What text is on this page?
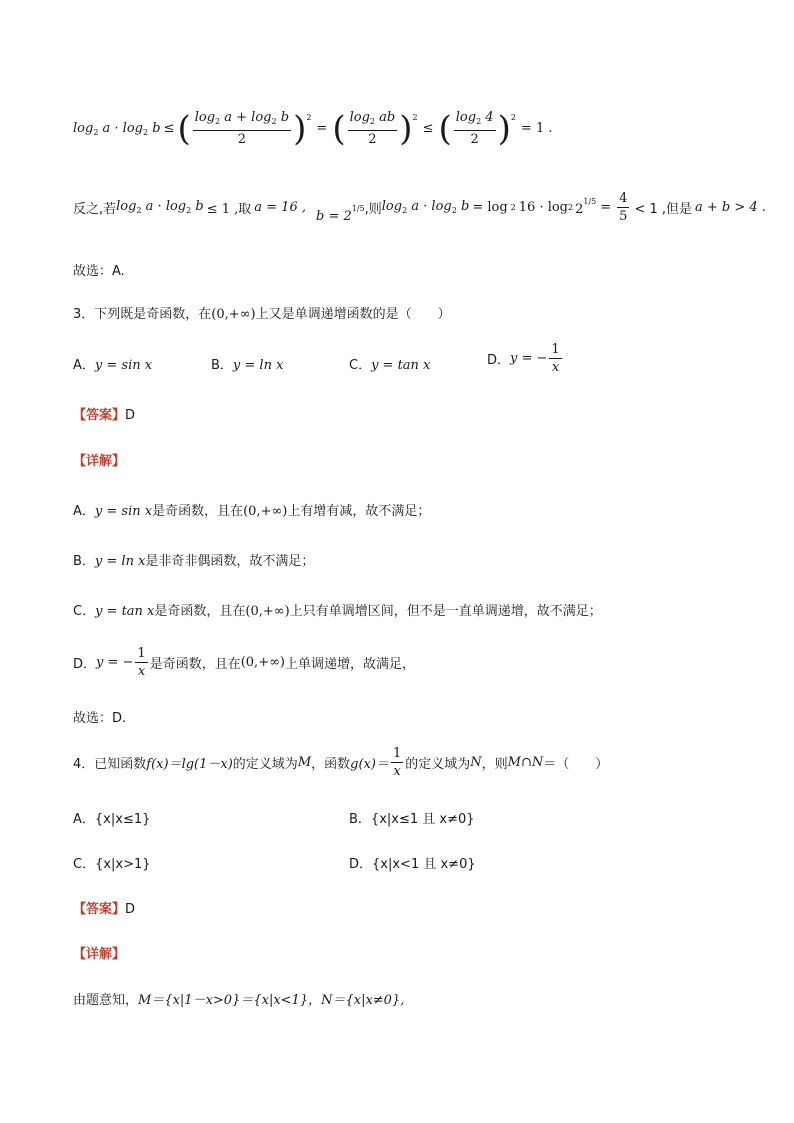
$\log_2 a \cdot \log_2 b$ ≤ ( $\frac{\log_2 a + \log_2 b}{2}$ ) 2
= ( $\frac{\log_2 ab}{2}$ ) 2
≤ ( $\frac{\log_2 4}{2}$ ) 2
= 1 .
反之,若 $\log_2 a \cdot \log_2 b \le 1$ ,取 a = 16 ,
$b = 2^{1/5}$ ,则 $\log_2 a \cdot \log_2 b = \log 2$ 16 · log 2 $2^{1/5} = \frac{4}{5} < 1$ ,但是 a + b > 4 .
故选：A.
3．下列既是奇函数，在(0,+∞)上又是单调递增函数的是（　　）
A．y = sin x	B．y = ln x	C．y = tan x	D． y = − $\frac{1}{x}$
【答案】D
【详解】
A．y = sin x是奇函数，且在(0,+∞)上有增有减，故不满足；
B．y = ln x是非奇非偶函数，故不满足；
C．y = tan x是奇函数，且在(0,+∞)上只有单调增区间，但不是一直单调递增，故不满足；
D． y = − $\frac{1}{x}$ 是奇函数，且在 (0,+∞) 上单调递增，故满足，
故选：D.
4．已知函数 f(x)＝lg(1－x) 的定义域为 M ，函数 $g(x)= \frac{1}{x}$ 的定义域为 N ，则 M∩N ＝（　　）
A．{x|x≤1}	B．{x|x≤1 且 x≠0}
C．{x|x>1}	D．{x|x<1 且 x≠0}
【答案】D
【详解】
由题意知，M＝{x|1－x>0}＝{x|x<1}，N＝{x|x≠0},
